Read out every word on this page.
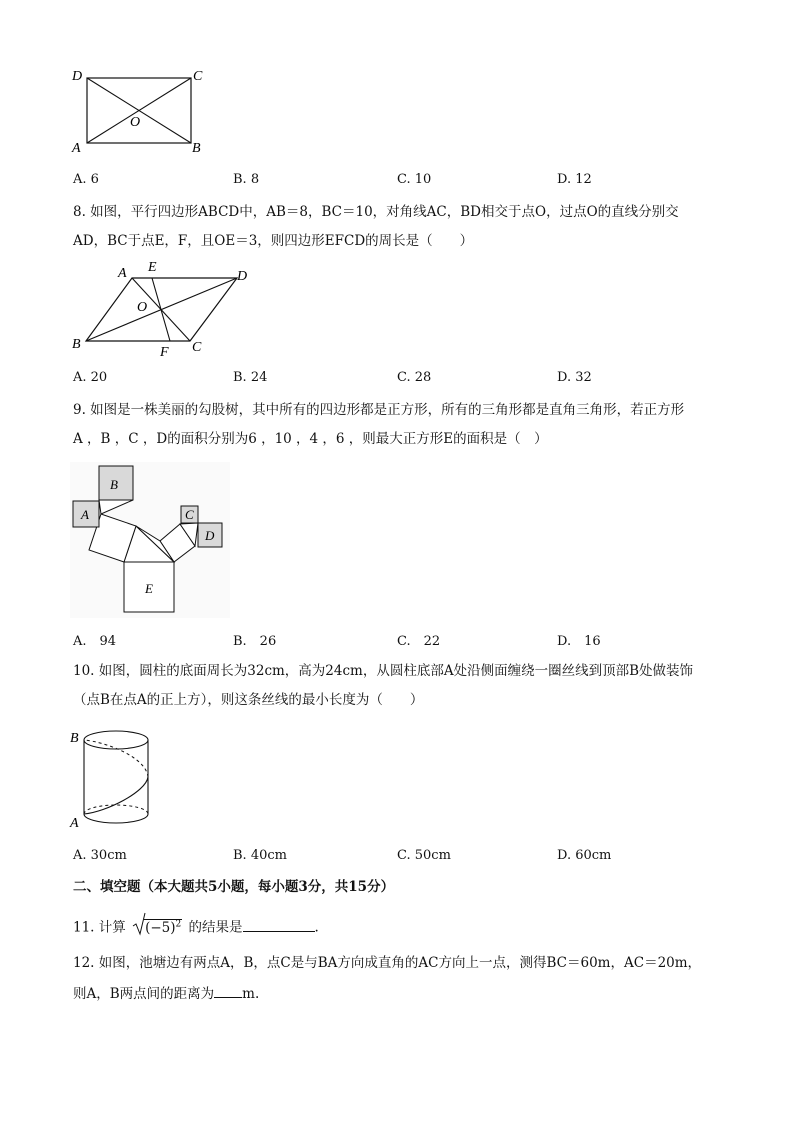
D	C
A	B
O
A. 6	B. 8	C. 10	D. 12
8. 如图，平行四边形ABCD中，AB＝8，BC＝10，对角线AC，BD相交于点O，过点O的直线分别交
AD，BC于点E，F，且OE＝3，则四边形EFCD的周长是（　　）
A E
D
O
B
F C
A. 20	B. 24	C. 28	D. 32
9. 如图是一株美丽的勾股树，其中所有的四边形都是正方形，所有的三角形都是直角三角形，若正方形
A ，B ，C ，D的面积分别为6 ，10 ，4 ，6 ，则最大正方形E的面积是（　）
B
A	C
D
E
A.　94	B.　26	C.　22	D.　16
10. 如图，圆柱的底面周长为32cm，高为24cm，从圆柱底部A处沿侧面缠绕一圈丝线到顶部B处做装饰
（点B在点A的正上方），则这条丝线的最小长度为（　　）
B
A
A. 30cm	B. 40cm	C. 50cm	D. 60cm
二、填空题（本大题共5小题，每小题3分，共15分）
11. 计算 $(-5)^2$ 的结果是	.
12. 如图，池塘边有两点A，B，点C是与BA方向成直角的AC方向上一点，测得BC＝60m，AC＝20m，
则A，B两点间的距离为 m.
